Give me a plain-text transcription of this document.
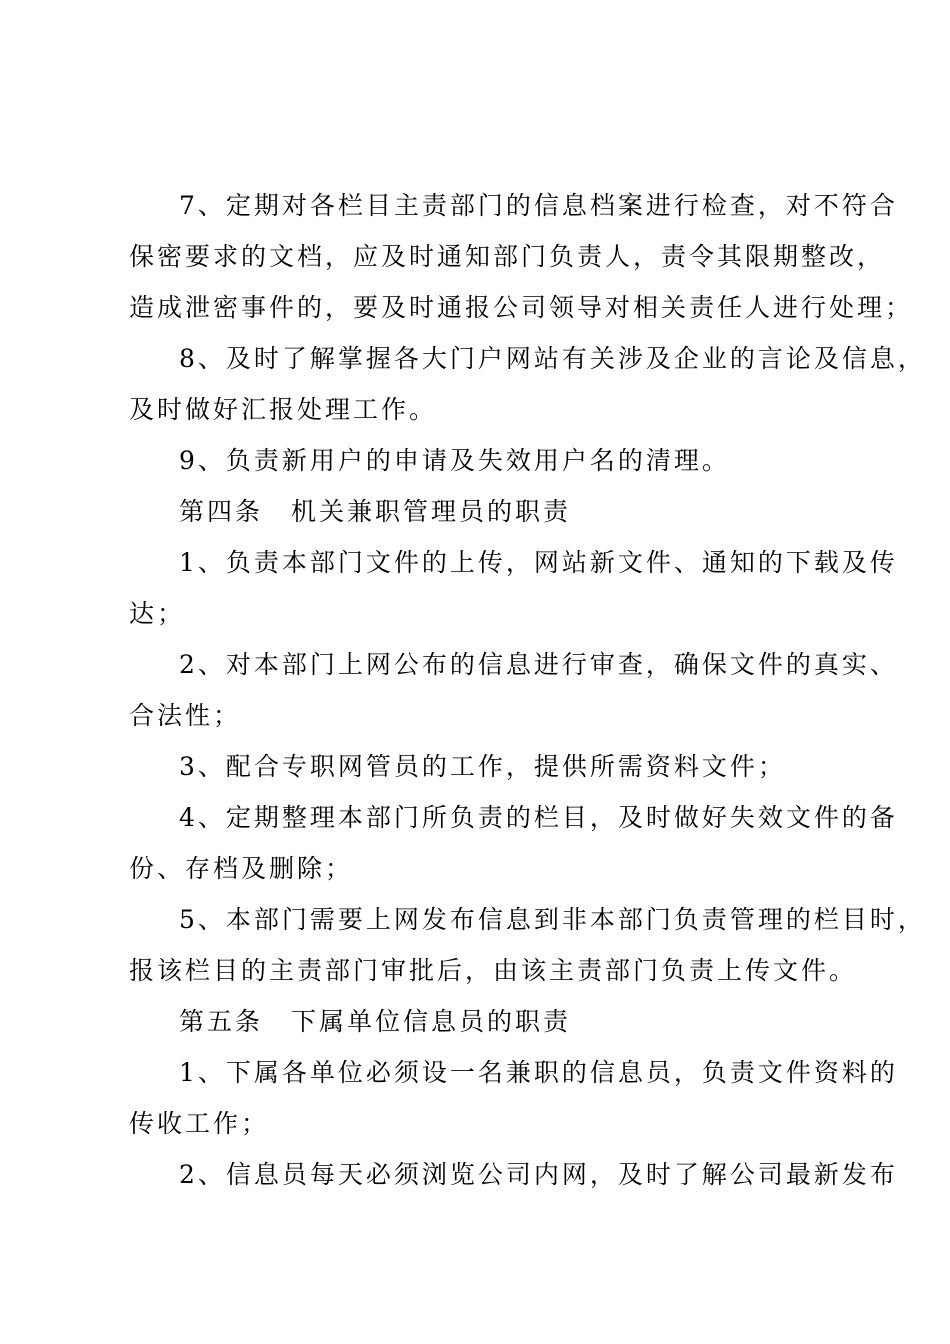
7、定期对各栏目主责部门的信息档案进行检查，对不符合
保密要求的文档，应及时通知部门负责人，责令其限期整改，
造成泄密事件的，要及时通报公司领导对相关责任人进行处理；
8、及时了解掌握各大门户网站有关涉及企业的言论及信息，
及时做好汇报处理工作。
9、负责新用户的申请及失效用户名的清理。
第四条　机关兼职管理员的职责
1、负责本部门文件的上传，网站新文件、通知的下载及传
达；
2、对本部门上网公布的信息进行审查，确保文件的真实、
合法性；
3、配合专职网管员的工作，提供所需资料文件；
4、定期整理本部门所负责的栏目，及时做好失效文件的备
份、存档及删除；
5、本部门需要上网发布信息到非本部门负责管理的栏目时，
报该栏目的主责部门审批后，由该主责部门负责上传文件。
第五条　下属单位信息员的职责
1、下属各单位必须设一名兼职的信息员，负责文件资料的
传收工作；
2、信息员每天必须浏览公司内网，及时了解公司最新发布
